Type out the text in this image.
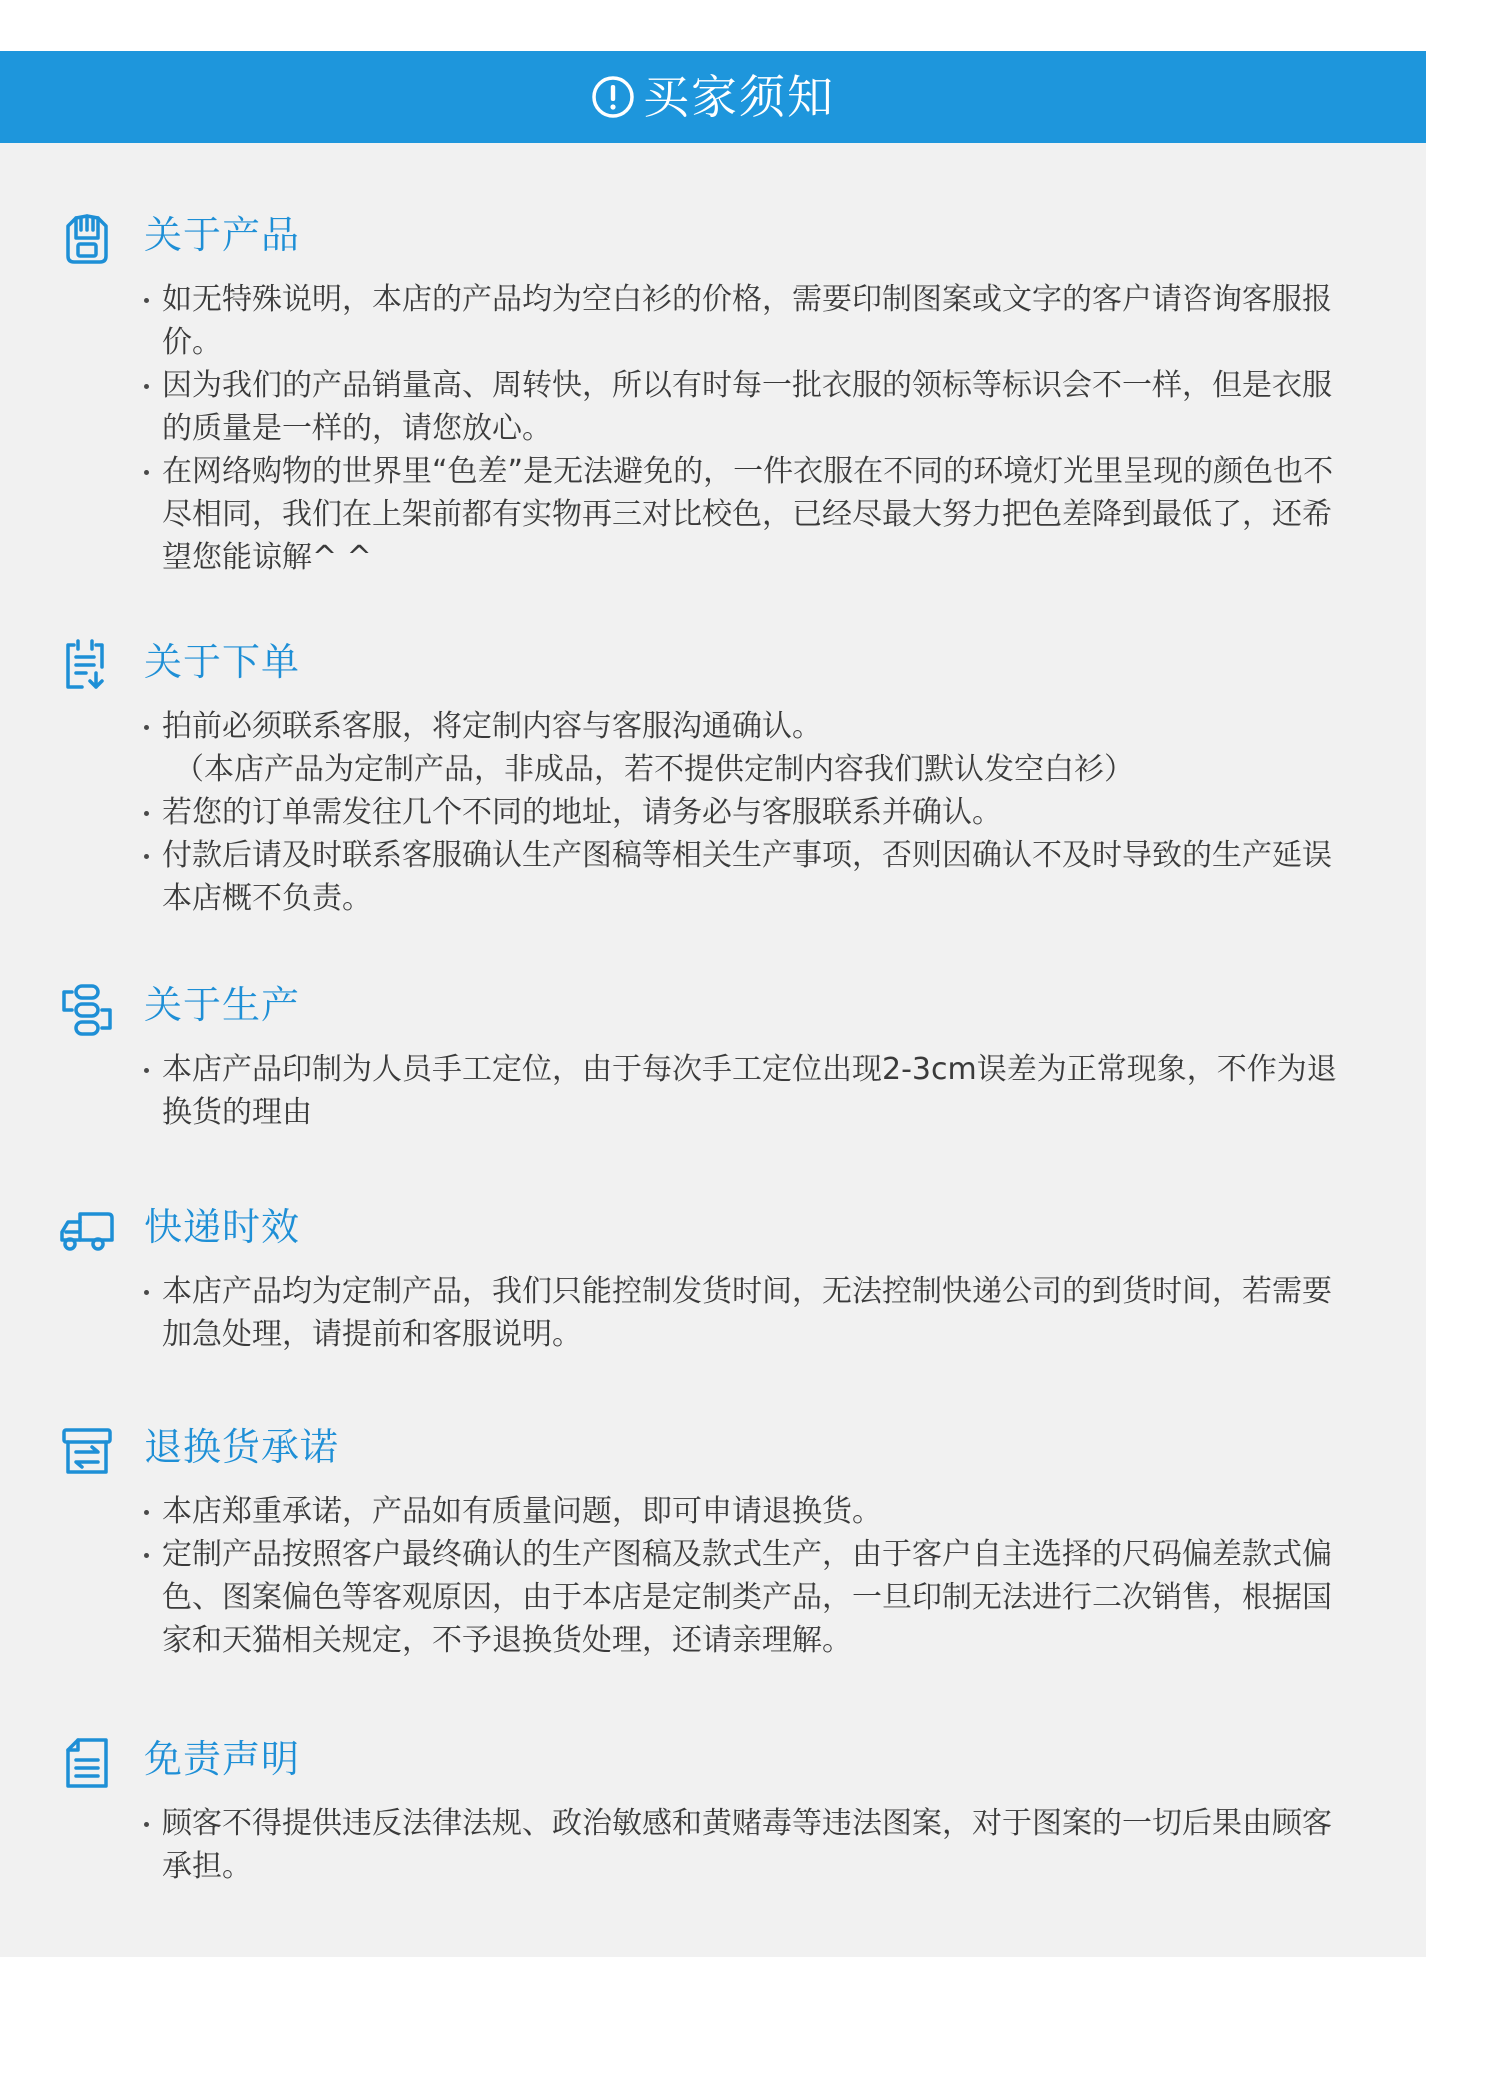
买家须知
关于产品

如无特殊说明，本店的产品均为空白衫的价格，需要印制图案或文字的客户请咨询客服报价。

因为我们的产品销量高、周转快，所以有时每一批衣服的领标等标识会不一样，但是衣服的质量是一样的，请您放心。

在网络购物的世界里“色差”是无法避免的，一件衣服在不同的环境灯光里呈现的颜色也不尽相同，我们在上架前都有实物再三对比校色，已经尽最大努力把色差降到最低了，还希望您能谅解^ ^

关于下单

拍前必须联系客服，将定制内容与客服沟通确认。

（本店产品为定制产品，非成品，若不提供定制内容我们默认发空白衫）

若您的订单需发往几个不同的地址，请务必与客服联系并确认。

付款后请及时联系客服确认生产图稿等相关生产事项，否则因确认不及时导致的生产延误本店概不负责。

关于生产

本店产品印制为人员手工定位，由于每次手工定位出现2-3cm误差为正常现象，不作为退换货的理由

快递时效

本店产品均为定制产品，我们只能控制发货时间，无法控制快递公司的到货时间，若需要加急处理，请提前和客服说明。

退换货承诺

本店郑重承诺，产品如有质量问题，即可申请退换货。

定制产品按照客户最终确认的生产图稿及款式生产，由于客户自主选择的尺码偏差款式偏色、图案偏色等客观原因，由于本店是定制类产品，一旦印制无法进行二次销售，根据国家和天猫相关规定，不予退换货处理，还请亲理解。

免责声明

顾客不得提供违反法律法规、政治敏感和黄赌毒等违法图案，对于图案的一切后果由顾客承担。
